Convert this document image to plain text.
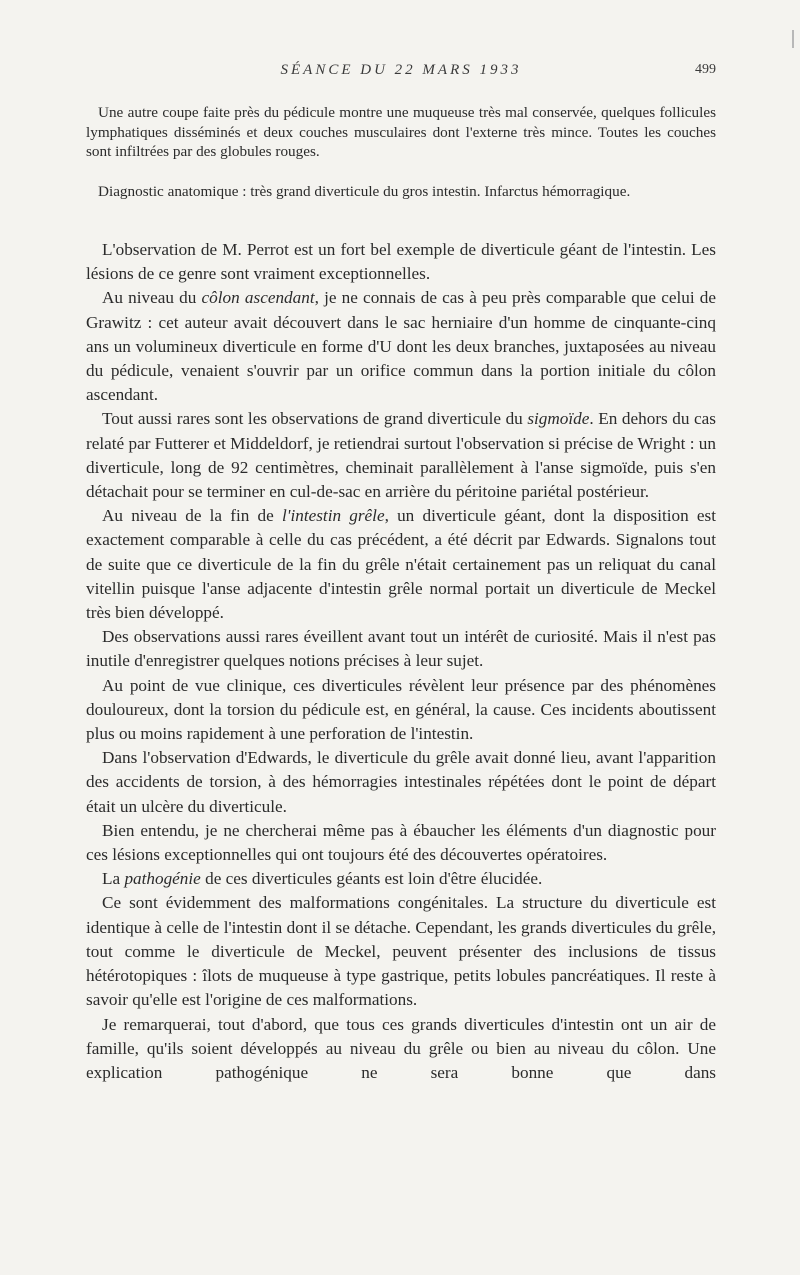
SÉANCE DU 22 MARS 1933	499

Une autre coupe faite près du pédicule montre une muqueuse très mal conservée, quelques follicules lymphatiques disséminés et deux couches musculaires dont l'externe très mince. Toutes les couches sont infiltrées par des globules rouges.

Diagnostic anatomique : très grand diverticule du gros intestin. Infarctus hémorragique.

L'observation de M. Perrot est un fort bel exemple de diverticule géant de l'intestin. Les lésions de ce genre sont vraiment exceptionnelles.

Au niveau du côlon ascendant, je ne connais de cas à peu près comparable que celui de Grawitz : cet auteur avait découvert dans le sac herniaire d'un homme de cinquante-cinq ans un volumineux diverticule en forme d'U dont les deux branches, juxtaposées au niveau du pédicule, venaient s'ouvrir par un orifice commun dans la portion initiale du côlon ascendant.

Tout aussi rares sont les observations de grand diverticule du sigmoïde. En dehors du cas relaté par Futterer et Middeldorf, je retiendrai surtout l'observation si précise de Wright : un diverticule, long de 92 centimètres, cheminait parallèlement à l'anse sigmoïde, puis s'en détachait pour se terminer en cul-de-sac en arrière du péritoine pariétal postérieur.

Au niveau de la fin de l'intestin grêle, un diverticule géant, dont la disposition est exactement comparable à celle du cas précédent, a été décrit par Edwards. Signalons tout de suite que ce diverticule de la fin du grêle n'était certainement pas un reliquat du canal vitellin puisque l'anse adjacente d'intestin grêle normal portait un diverticule de Meckel très bien développé.

Des observations aussi rares éveillent avant tout un intérêt de curiosité. Mais il n'est pas inutile d'enregistrer quelques notions précises à leur sujet.

Au point de vue clinique, ces diverticules révèlent leur présence par des phénomènes douloureux, dont la torsion du pédicule est, en général, la cause. Ces incidents aboutissent plus ou moins rapidement à une perforation de l'intestin.

Dans l'observation d'Edwards, le diverticule du grêle avait donné lieu, avant l'apparition des accidents de torsion, à des hémorragies intestinales répétées dont le point de départ était un ulcère du diverticule.

Bien entendu, je ne chercherai même pas à ébaucher les éléments d'un diagnostic pour ces lésions exceptionnelles qui ont toujours été des découvertes opératoires.

La pathogénie de ces diverticules géants est loin d'être élucidée.

Ce sont évidemment des malformations congénitales. La structure du diverticule est identique à celle de l'intestin dont il se détache. Cependant, les grands diverticules du grêle, tout comme le diverticule de Meckel, peuvent présenter des inclusions de tissus hétérotopiques : îlots de muqueuse à type gastrique, petits lobules pancréatiques. Il reste à savoir qu'elle est l'origine de ces malformations.

Je remarquerai, tout d'abord, que tous ces grands diverticules d'intestin ont un air de famille, qu'ils soient développés au niveau du grêle ou bien au niveau du côlon. Une explication pathogénique ne sera bonne que dans
